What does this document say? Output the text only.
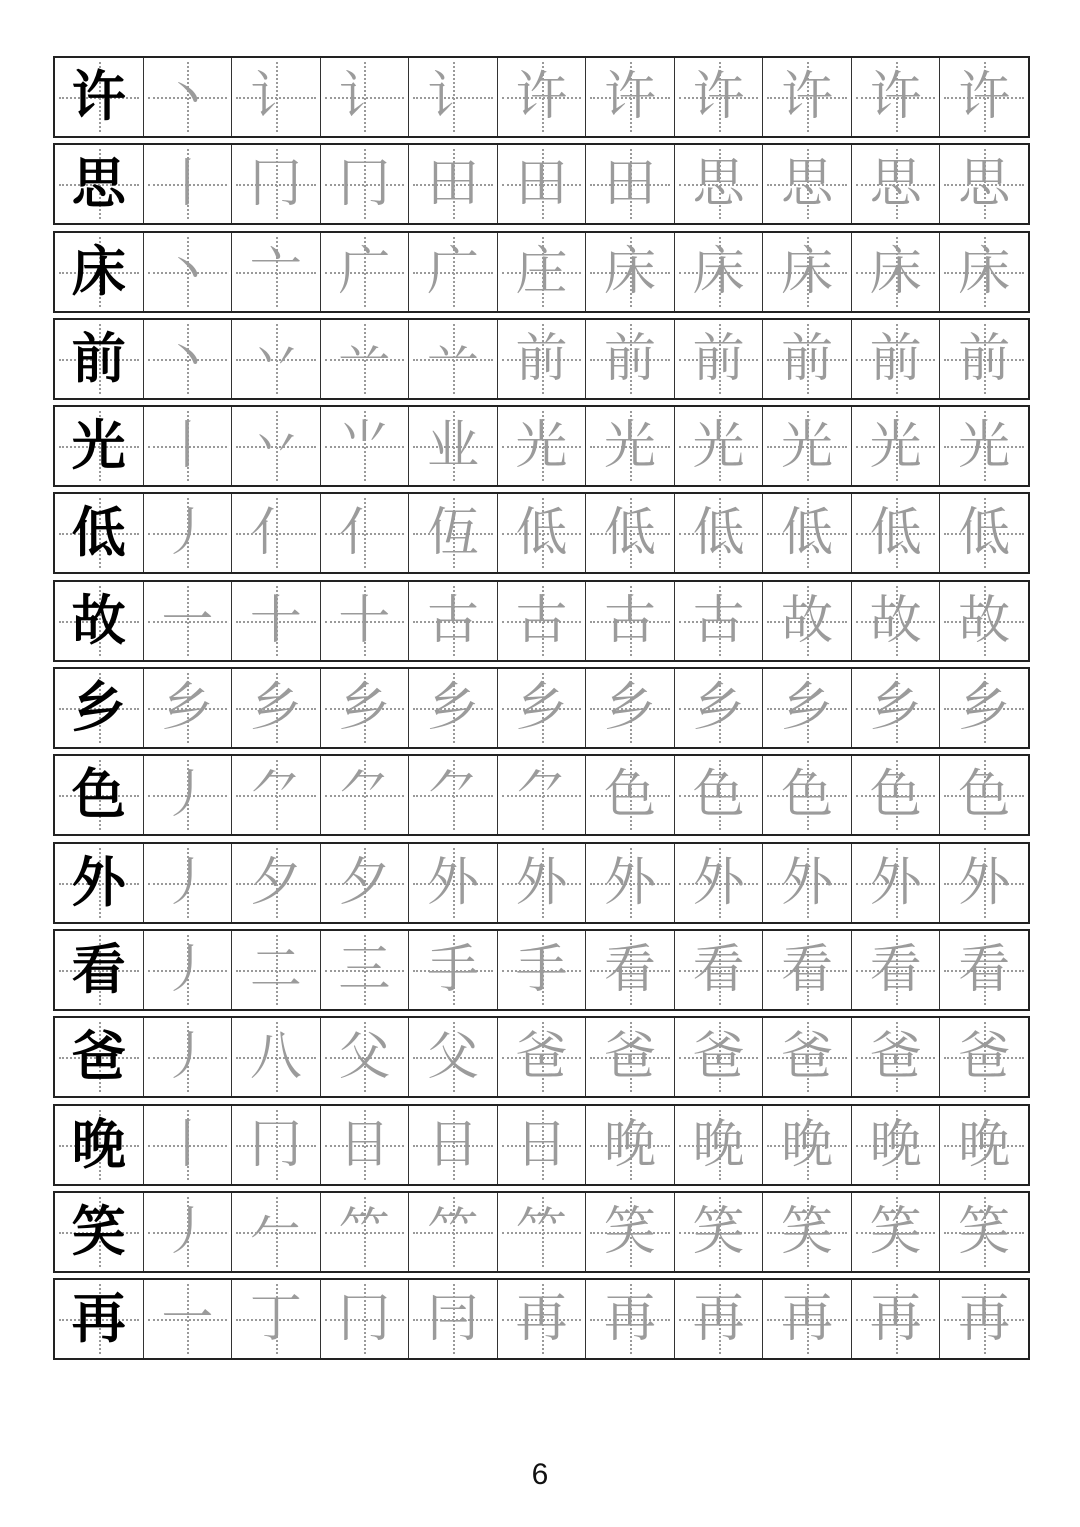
许 丶 讠 讠 讠 许 许 许 许 许 许
思 丨 冂 冂 田 田 田 思 思 思 思
床 丶 亠 广 广 庄 床 床 床 床 床
前 丶 丷 䒑 䒑 前 前 前 前 前 前
光 丨 丷 ⺌ 业 光 光 光 光 光 光
低 丿 亻 亻 仾 低 低 低 低 低 低
故 一 十 十 古 古 古 古 故 故 故
乡 乡 乡 乡 乡 乡 乡 乡 乡 乡 乡
色 丿 ⺈ ⺈ ⺈ ⺈ 色 色 色 色 色
外 丿 夕 夕 外 外 外 外 外 外 外
看 丿 二 三 手 手 看 看 看 看 看
爸 丿 八 父 父 爸 爸 爸 爸 爸 爸
晚 丨 冂 日 日 日 晚 晚 晚 晚 晚
笑 丿 𠂉 ⺮ ⺮ ⺮ 笑 笑 笑 笑 笑
再 一 丁 冂 冃 再 再 再 再 再 再
6
